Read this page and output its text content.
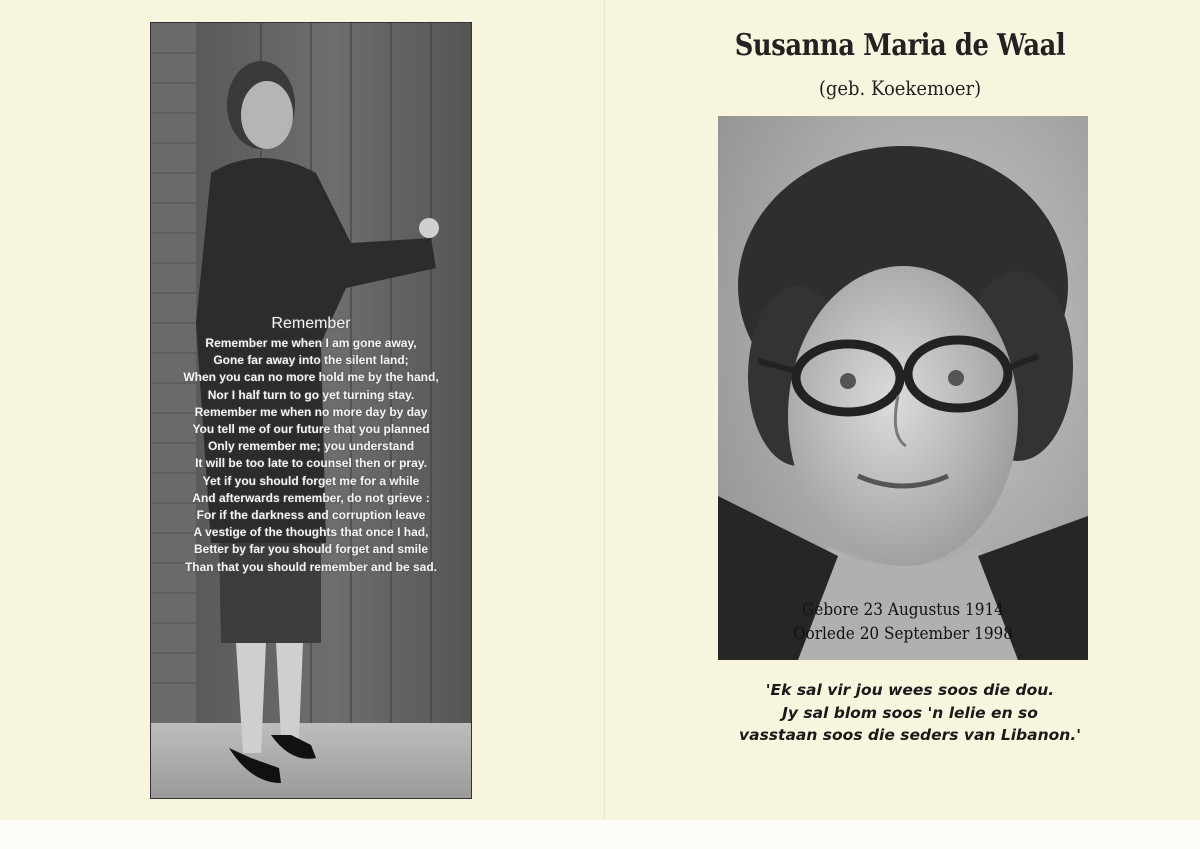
Remember
Remember me when I am gone away,
Gone far away into the silent land;
When you can no more hold me by the hand,
Nor I half turn to go yet turning stay.
Remember me when no more day by day
You tell me of our future that you planned
Only remember me; you understand
It will be too late to counsel then or pray.
Yet if you should forget me for a while
And afterwards remember, do not grieve :
For if the darkness and corruption leave
A vestige of the thoughts that once I had,
Better by far you should forget and smile
Than that you should remember and be sad.
Susanna Maria de Waal
(geb. Koekemoer)
Gebore 23 Augustus 1914
Oorlede 20 September 1998
'Ek sal vir jou wees soos die dou.
Jy sal blom soos 'n lelie en so
vasstaan soos die seders van Libanon.'
